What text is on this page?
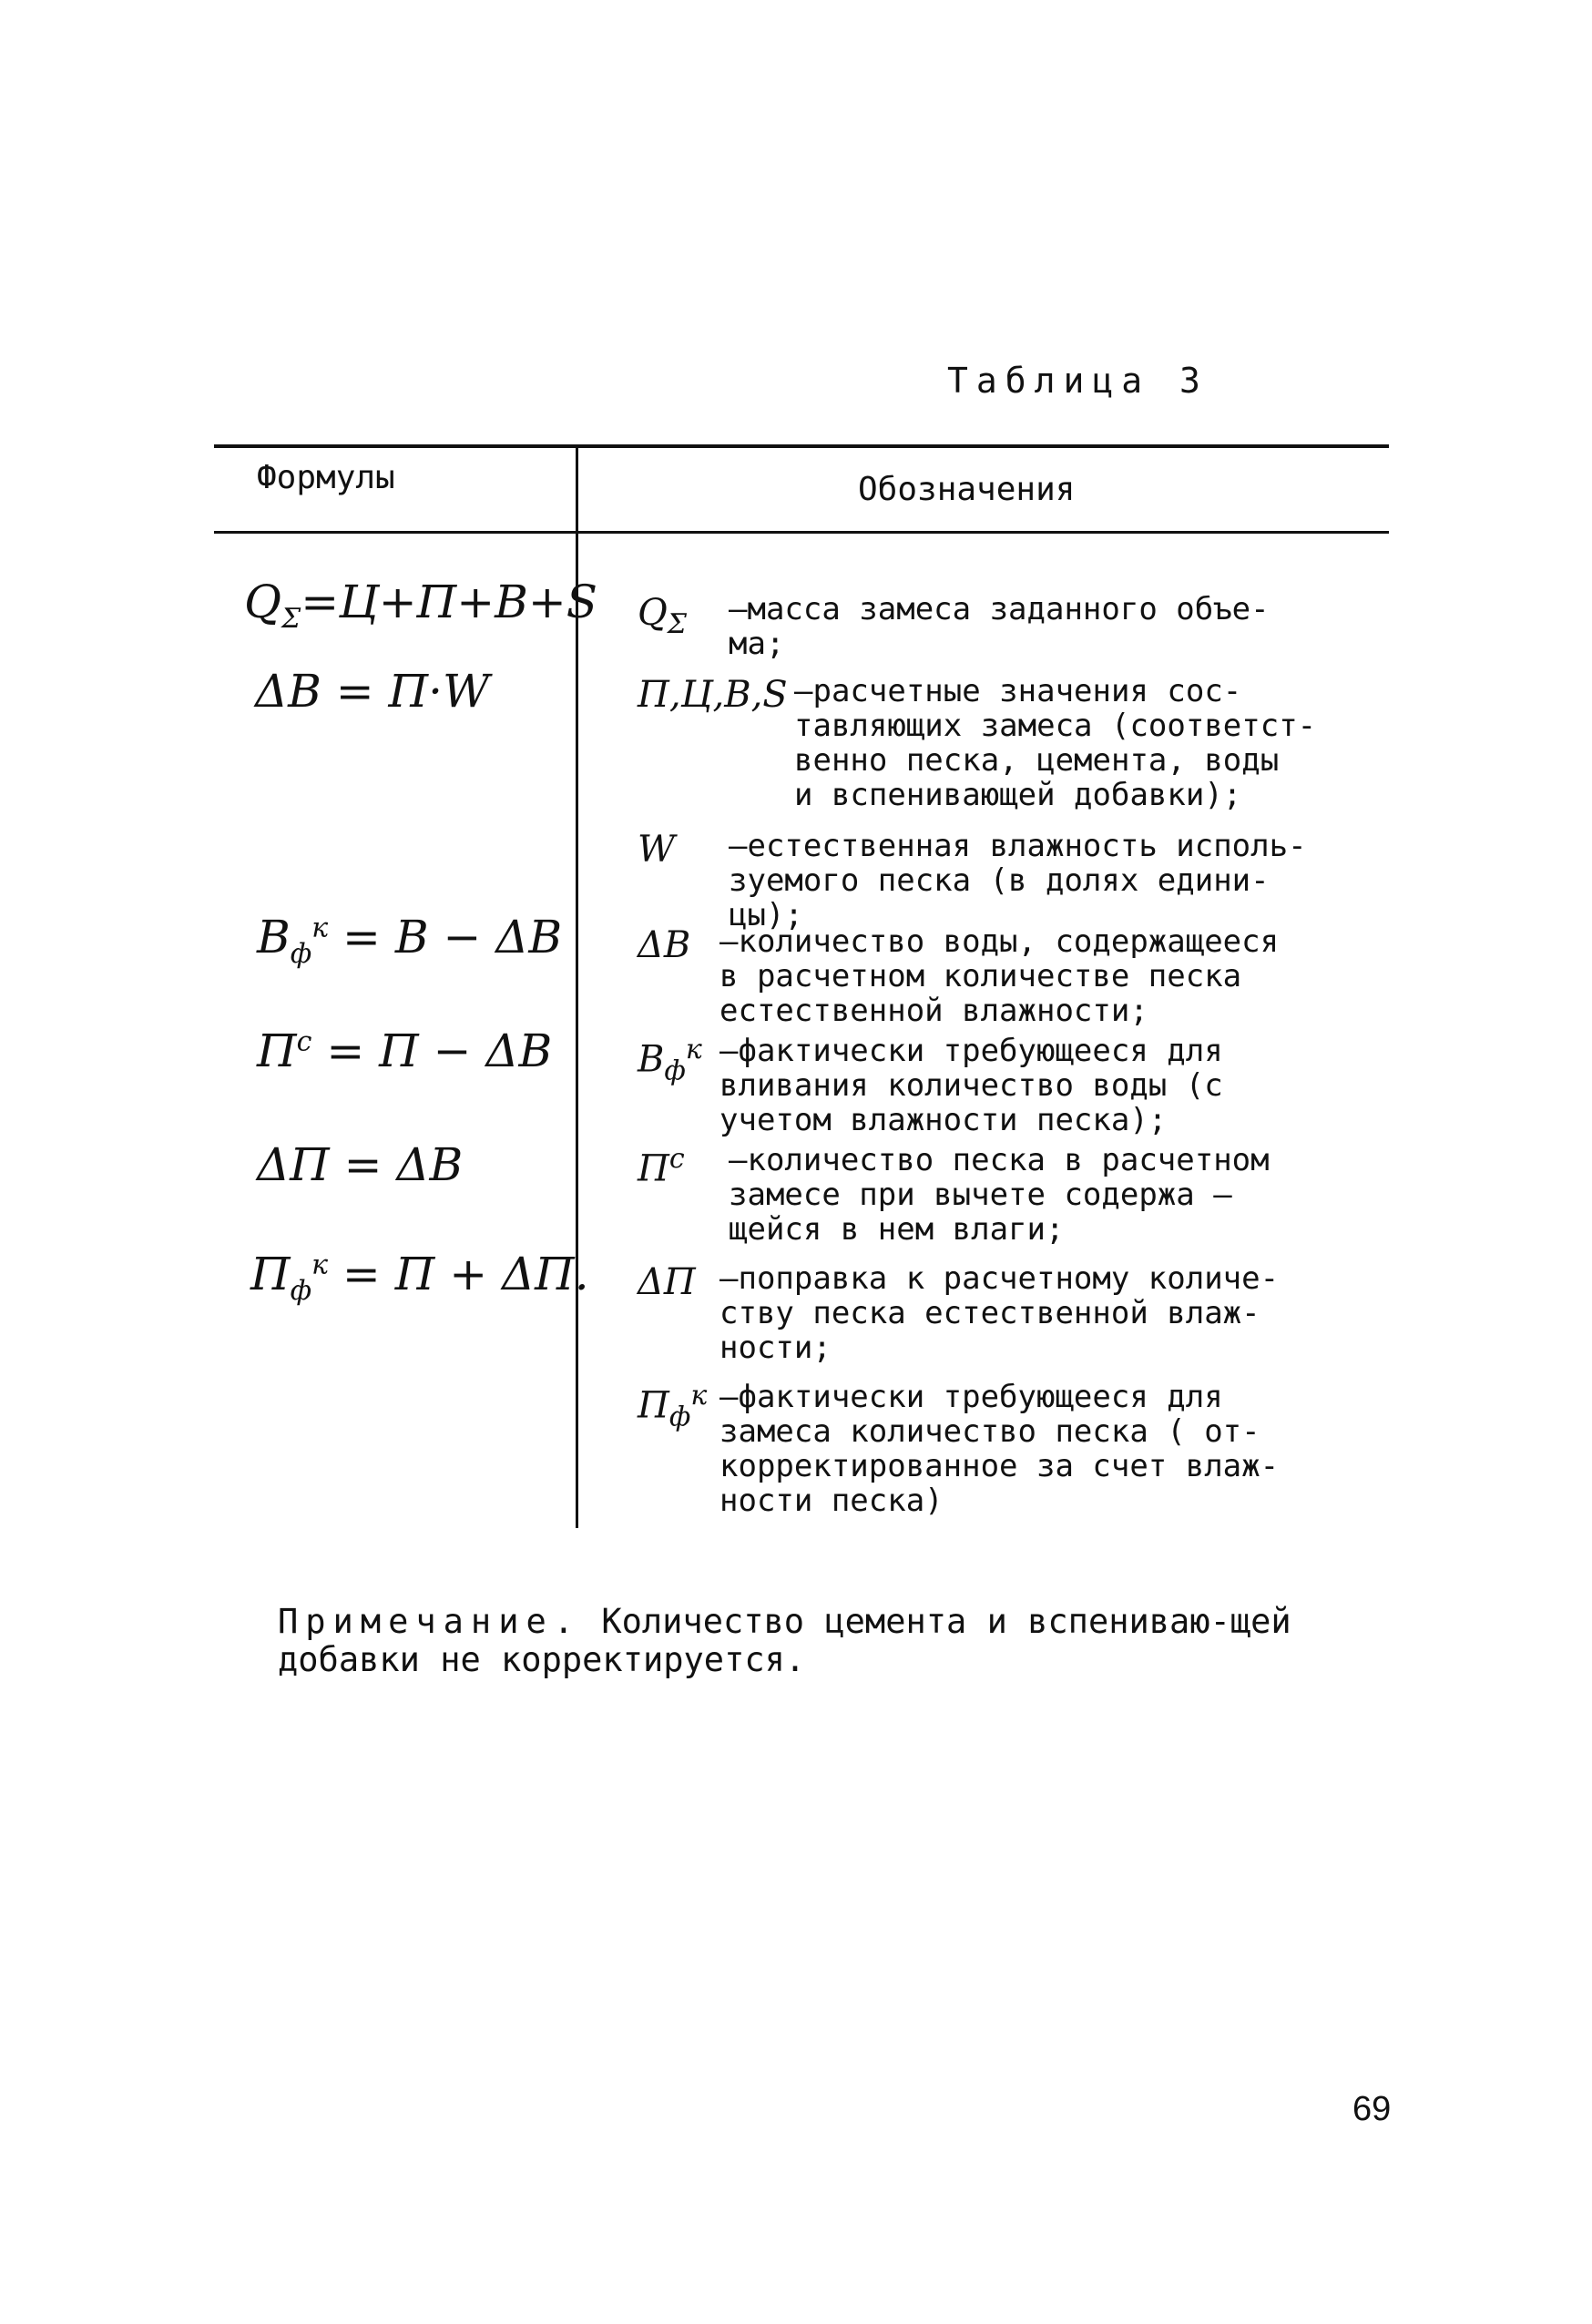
Таблица 3
Формулы	Обозначения
$Q_\Sigma=Ц+П+В+Ѕ$
ΔВ = П·W
$В_ф^к = В - \Delta В$
$П^с = П - \Delta В$
ΔП = ΔВ
$П_ф^к = П + \Delta П$.
$Q_\Sigma$ –масса замеса заданного объе-
ма;
П,Ц,В,Ѕ –расчетные значения сос-
тавляющих замеса (соответст-
венно песка, цемента, воды
и вспенивающей добавки);
W –естественная влажность исполь-
зуемого песка (в долях едини-
цы);
ΔВ –количество воды, содержащееся
в расчетном количестве песка
естественной влажности;
$В_ф^к$ –фактически требующееся для
вливания количество воды (с
учетом влажности песка);
$П^с$ –количество песка в расчетном
замесе при вычете содержа –
щейся в нем влаги;
ΔП –поправка к расчетному количе-
ству песка естественной влаж-
ности;
$П_ф^к$ –фактически требующееся для
замеса количество песка ( от-
корректированное за счет влаж-
ности песка)
Примечание. Количество цемента и вспениваю-щей добавки не корректируется.
69
